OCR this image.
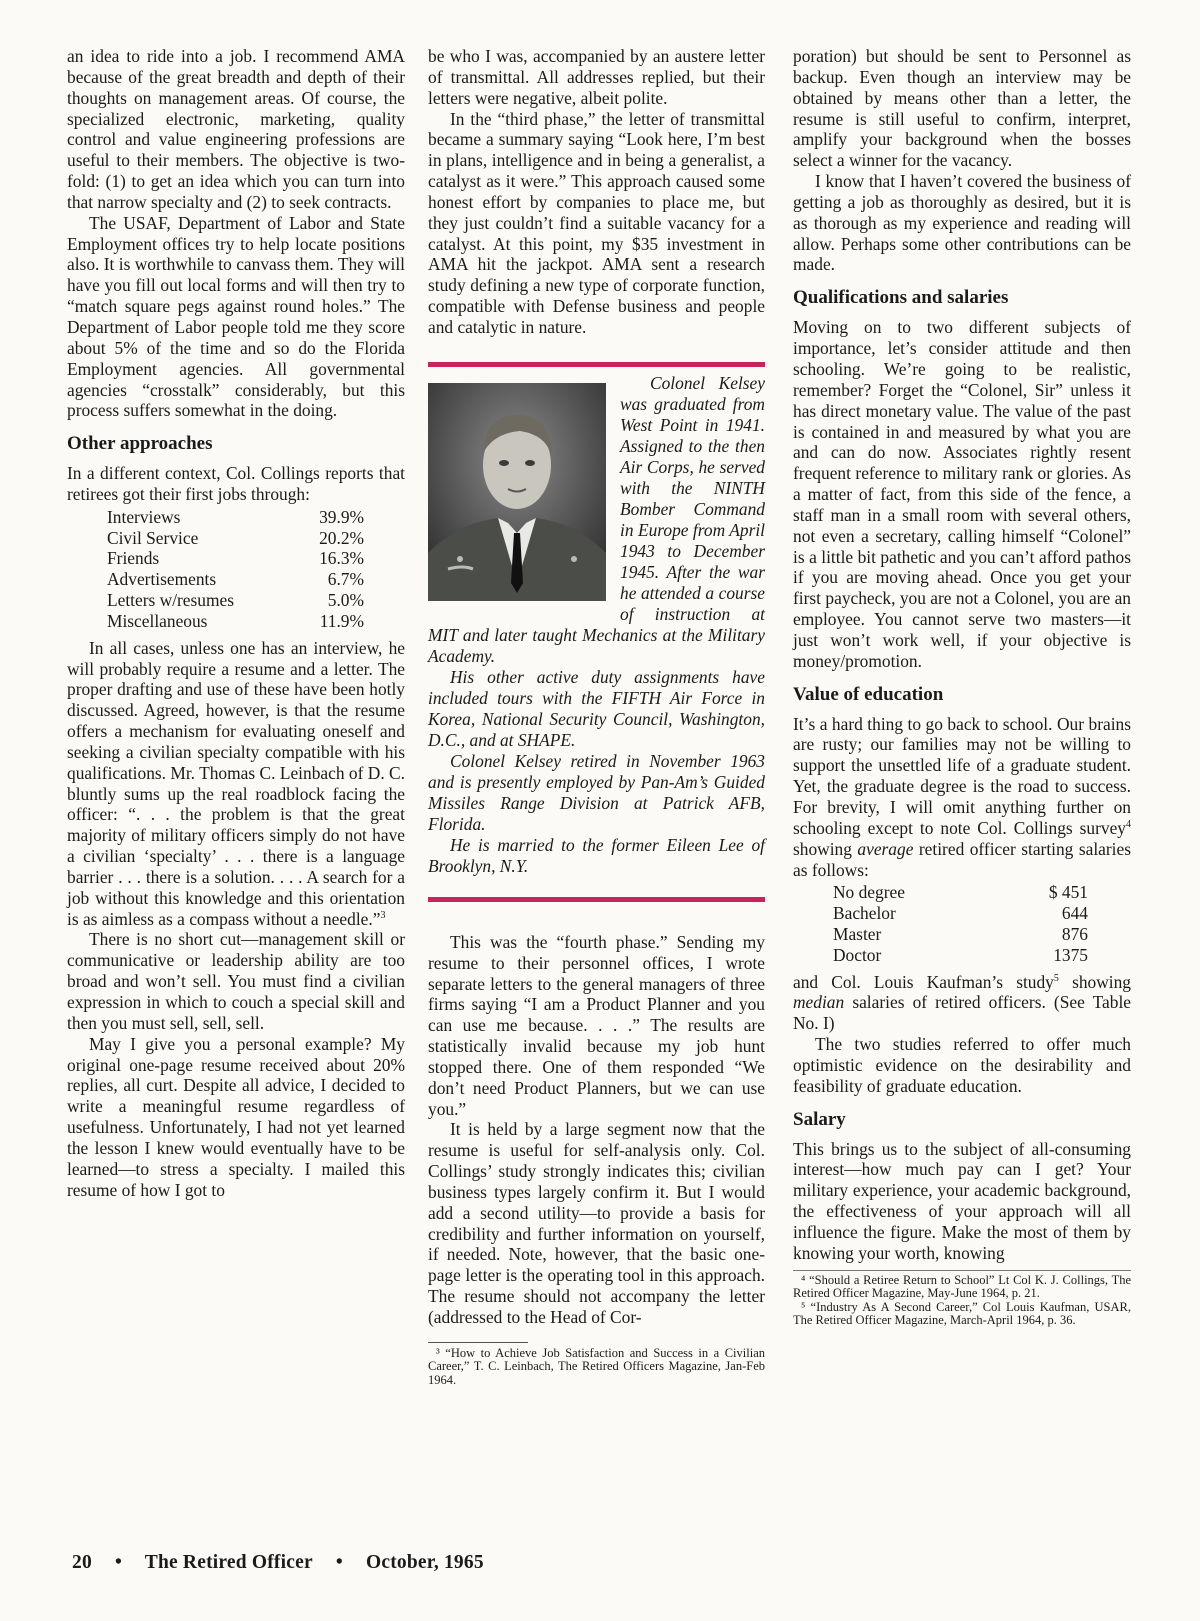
an idea to ride into a job. I recommend AMA because of the great breadth and depth of their thoughts on management areas. Of course, the specialized electronic, marketing, quality control and value engineering professions are useful to their members. The objective is two-fold: (1) to get an idea which you can turn into that narrow specialty and (2) to seek contracts.

The USAF, Department of Labor and State Employment offices try to help locate positions also. It is worthwhile to canvass them. They will have you fill out local forms and will then try to “match square pegs against round holes.” The Department of Labor people told me they score about 5% of the time and so do the Florida Employment agencies. All governmental agencies “crosstalk” considerably, but this process suffers somewhat in the doing.

Other approaches

In a different context, Col. Collings reports that retirees got their first jobs through:

Interviews	39.9%
Civil Service	20.2%
Friends	16.3%
Advertisements	6.7%
Letters w/resumes	5.0%
Miscellaneous	11.9%

In all cases, unless one has an interview, he will probably require a resume and a letter. The proper drafting and use of these have been hotly discussed. Agreed, however, is that the resume offers a mechanism for evaluating oneself and seeking a civilian specialty compatible with his qualifications. Mr. Thomas C. Leinbach of D. C. bluntly sums up the real roadblock facing the officer: “. . . the problem is that the great majority of military officers simply do not have a civilian ‘specialty’ . . . there is a language barrier . . . there is a solution. . . . A search for a job without this knowledge and this orientation is as aimless as a compass without a needle.”$^3$

There is no short cut—management skill or communicative or leadership ability are too broad and won’t sell. You must find a civilian expression in which to couch a special skill and then you must sell, sell, sell.

May I give you a personal example? My original one-page resume received about 20% replies, all curt. Despite all advice, I decided to write a meaningful resume regardless of usefulness. Unfortunately, I had not yet learned the lesson I knew would eventually have to be learned—to stress a specialty. I mailed this resume of how I got to

be who I was, accompanied by an austere letter of transmittal. All addresses replied, but their letters were negative, albeit polite.

In the “third phase,” the letter of transmittal became a summary saying “Look here, I’m best in plans, intelligence and in being a generalist, a catalyst as it were.” This approach caused some honest effort by companies to place me, but they just couldn’t find a suitable vacancy for a catalyst. At this point, my $35 investment in AMA hit the jackpot. AMA sent a research study defining a new type of corporate function, compatible with Defense business and people and catalytic in nature.

Colonel Kelsey was graduated from West Point in 1941. Assigned to the then Air Corps, he served with the NINTH Bomber Command in Europe from April 1943 to December 1945. After the war he attended a course of instruction at MIT and later taught Mechanics at the Military Academy.

His other active duty assignments have included tours with the FIFTH Air Force in Korea, National Security Council, Washington, D.C., and at SHAPE.

Colonel Kelsey retired in November 1963 and is presently employed by Pan-Am’s Guided Missiles Range Division at Patrick AFB, Florida.

He is married to the former Eileen Lee of Brooklyn, N.Y.

This was the “fourth phase.” Sending my resume to their personnel offices, I wrote separate letters to the general managers of three firms saying “I am a Product Planner and you can use me because. . . .” The results are statistically invalid because my job hunt stopped there. One of them responded “We don’t need Product Planners, but we can use you.”

It is held by a large segment now that the resume is useful for self-analysis only. Col. Collings’ study strongly indicates this; civilian business types largely confirm it. But I would add a second utility—to provide a basis for credibility and further information on yourself, if needed. Note, however, that the basic one-page letter is the operating tool in this approach. The resume should not accompany the letter (addressed to the Head of Cor-

³ “How to Achieve Job Satisfaction and Success in a Civilian Career,” T. C. Leinbach, The Retired Officers Magazine, Jan-Feb 1964.

poration) but should be sent to Personnel as backup. Even though an interview may be obtained by means other than a letter, the resume is still useful to confirm, interpret, amplify your background when the bosses select a winner for the vacancy.

I know that I haven’t covered the business of getting a job as thoroughly as desired, but it is as thorough as my experience and reading will allow. Perhaps some other contributions can be made.

Qualifications and salaries

Moving on to two different subjects of importance, let’s consider attitude and then schooling. We’re going to be realistic, remember? Forget the “Colonel, Sir” unless it has direct monetary value. The value of the past is contained in and measured by what you are and can do now. Associates rightly resent frequent reference to military rank or glories. As a matter of fact, from this side of the fence, a staff man in a small room with several others, not even a secretary, calling himself “Colonel” is a little bit pathetic and you can’t afford pathos if you are moving ahead. Once you get your first paycheck, you are not a Colonel, you are an employee. You cannot serve two masters—it just won’t work well, if your objective is money/promotion.

Value of education

It’s a hard thing to go back to school. Our brains are rusty; our families may not be willing to support the unsettled life of a graduate student. Yet, the graduate degree is the road to success. For brevity, I will omit anything further on schooling except to note Col. Collings survey$^4$ showing average retired officer starting salaries as follows:

No degree	$ 451
Bachelor	644
Master	876
Doctor	1375

and Col. Louis Kaufman’s study$^5$ showing median salaries of retired officers. (See Table No. I)

The two studies referred to offer much optimistic evidence on the desirability and feasibility of graduate education.

Salary

This brings us to the subject of all-consuming interest—how much pay can I get? Your military experience, your academic background, the effectiveness of your approach will all influence the figure. Make the most of them by knowing your worth, knowing

⁴ “Should a Retiree Return to School” Lt Col K. J. Collings, The Retired Officer Magazine, May-June 1964, p. 21.

⁵ “Industry As A Second Career,” Col Louis Kaufman, USAR, The Retired Officer Magazine, March-April 1964, p. 36.

20 • The Retired Officer • October, 1965
